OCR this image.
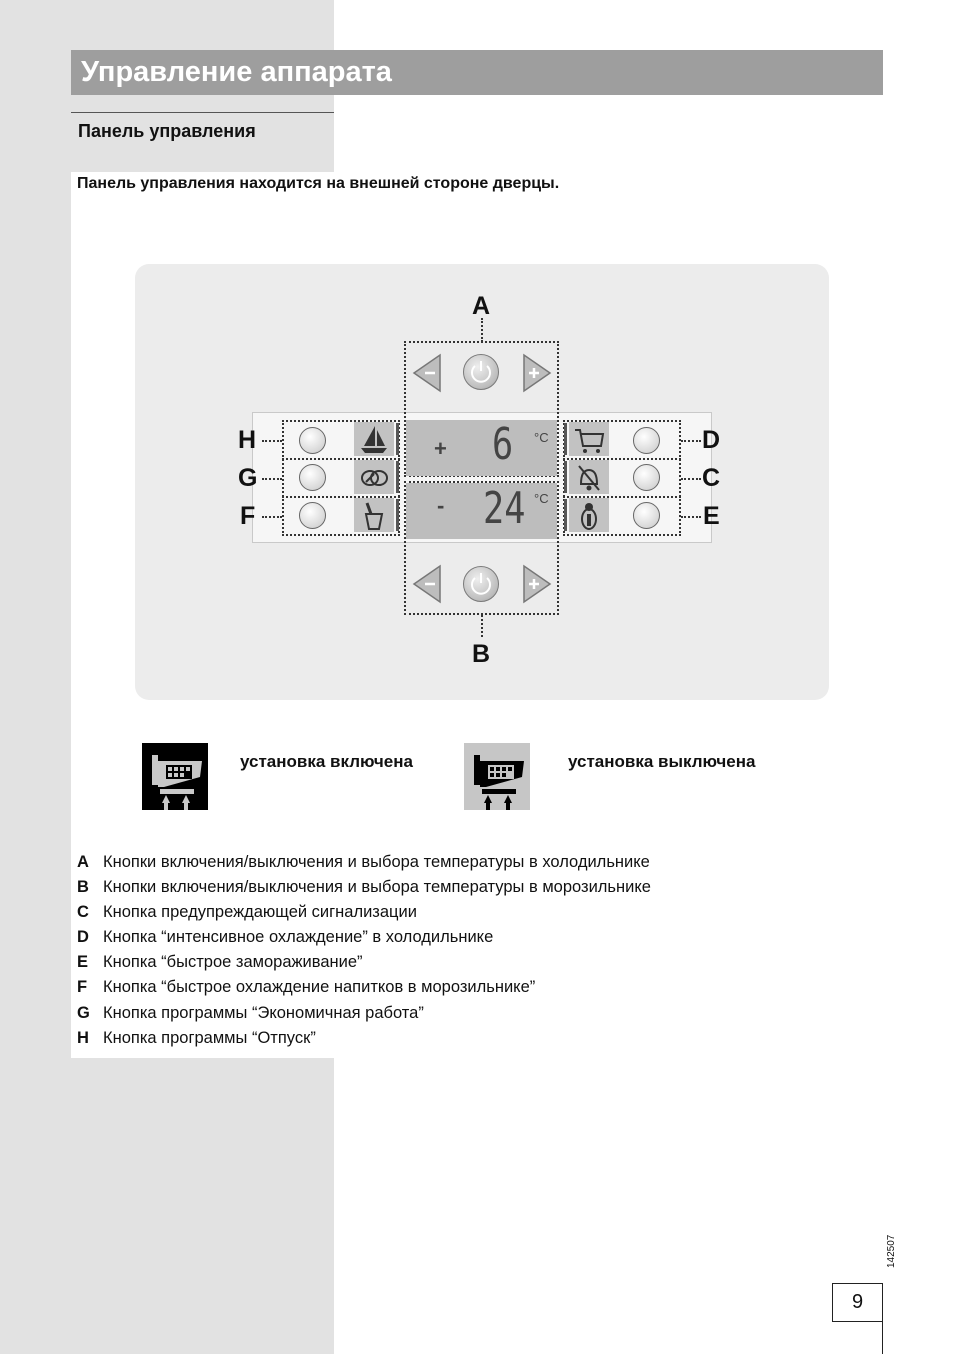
Управление аппарата
Панель управления
Панель управления находится на внешней стороне дверцы.
A
+ 6 °C
- 24 °C
B
H
G
F
D
C
E
установка включена	установка выключена
A Кнопки включения/выключения и выбора температуры в холодильнике
B Кнопки включения/выключения и выбора температуры в морозильнике
C Кнопка предупреждающей сигнализации
D Кнопка “интенсивное охлаждение” в холодильнике
E Кнопка “быстрое замораживание”
F Кнопка “быстрое охлаждение напитков в морозильнике”
G Кнопка программы “Экономичная работа”
H Кнопка программы “Отпуск”
142507
9
